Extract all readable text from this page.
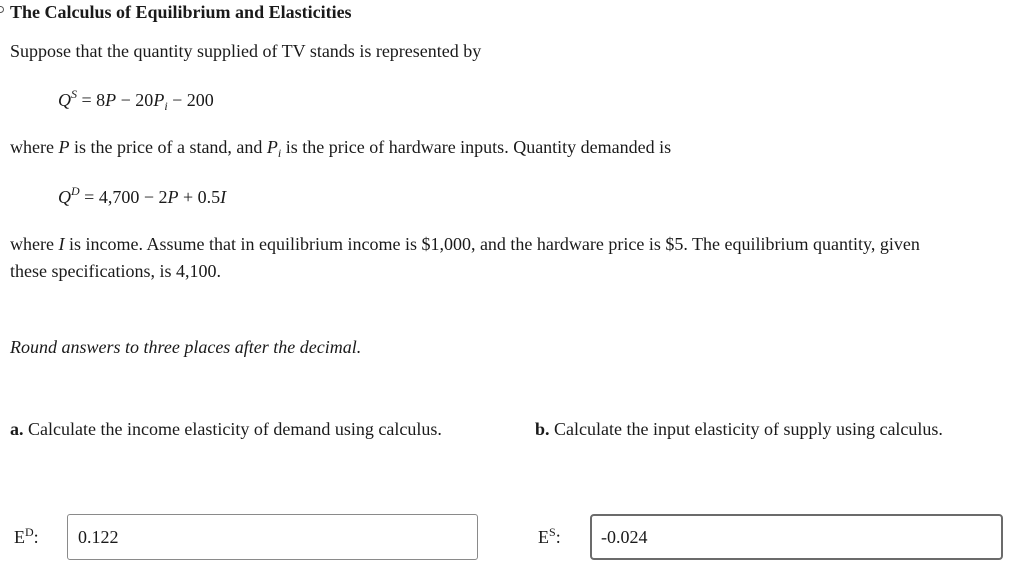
The Calculus of Equilibrium and Elasticities
Suppose that the quantity supplied of TV stands is represented by
$Q^S = 8P - 20P_i - 200$
where P is the price of a stand, and $P_i$ is the price of hardware inputs. Quantity demanded is
$Q^D = 4,700 - 2P + 0.5I$
where I is income. Assume that in equilibrium income is $1,000, and the hardware price is $5. The equilibrium quantity, given
these specifications, is 4,100.
Round answers to three places after the decimal.
a. Calculate the income elasticity of demand using calculus.	b. Calculate the input elasticity of supply using calculus.
$E^D$:
0.122	$E^S$:
-0.024
